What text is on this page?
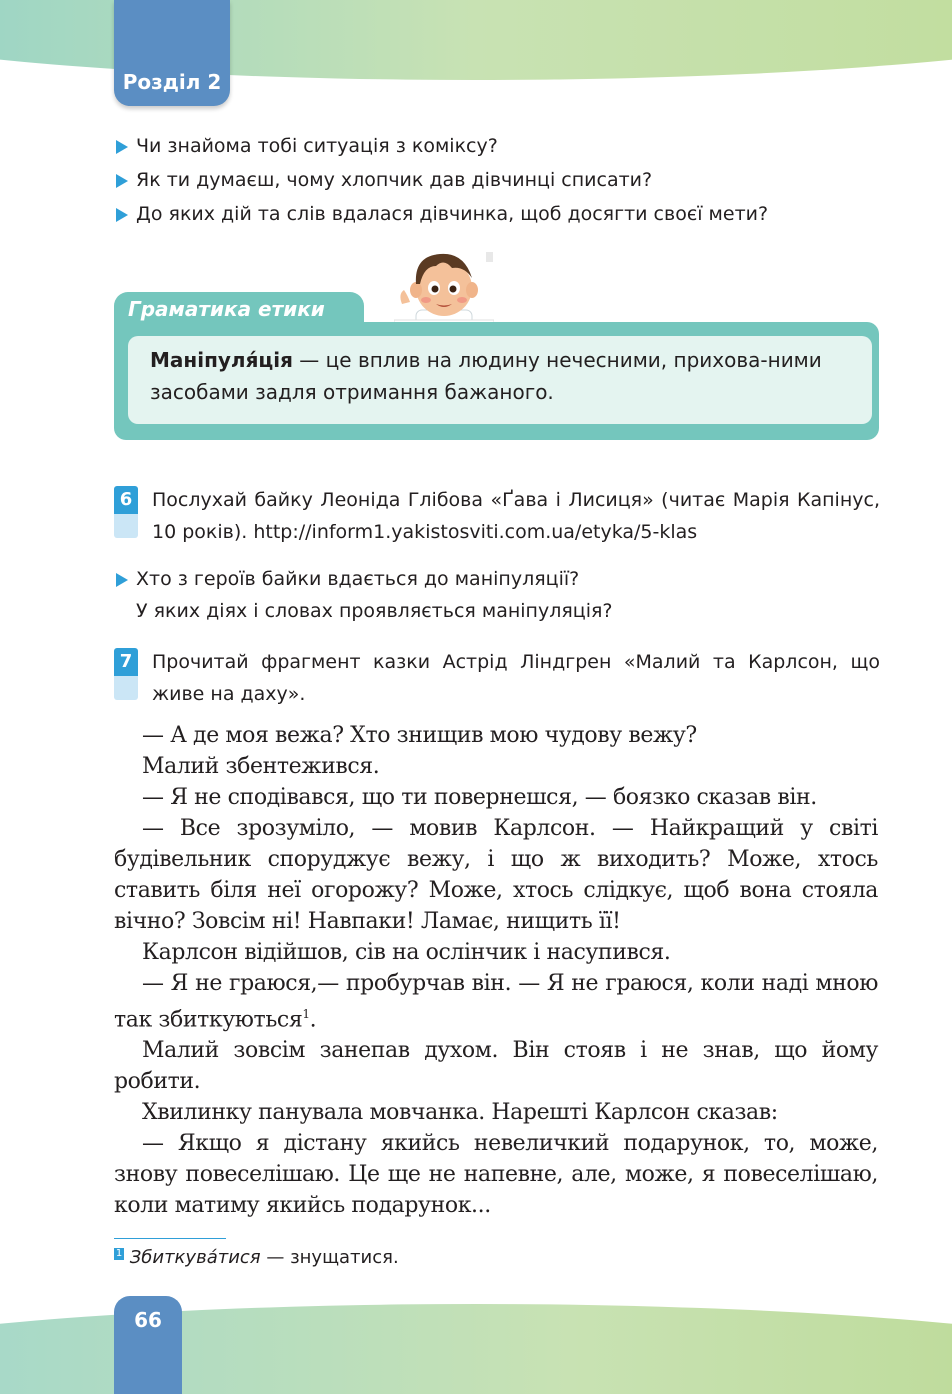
Розділ 2
Чи знайома тобі ситуація з коміксу?
Як ти думаєш, чому хлопчик дав дівчинці списати?
До яких дій та слів вдалася дівчинка, щоб досягти своєї мети?
Граматика етики
Маніпуля́ція — це вплив на людину нечесними, прихова-ними засобами задля отримання бажаного.
6	Послухай байку Леоніда Глібова «Ґава і Лисиця» (читає Марія Капінус, 10 років). http://inform1.yakistosviti.com.ua/etyka/5-klas
Хто з героїв байки вдається до маніпуляції?
У яких діях і словах проявляється маніпуляція?
7	Прочитай фрагмент казки Астрід Ліндгрен «Малий та Карлсон, що живе на даху».

— А де моя вежа? Хто знищив мою чудову вежу?

Малий збентежився.

— Я не сподівався, що ти повернешся, — боязко сказав він.

— Все зрозуміло, — мовив Карлсон. — Найкращий у світі будівельник споруджує вежу, і що ж виходить? Може, хтось ставить біля неї огорожу? Може, хтось слідкує, щоб вона стояла вічно? Зовсім ні! Навпаки! Ламає, нищить її!

Карлсон відійшов, сів на ослінчик і насупився.

— Я не граюся,— пробурчав він. — Я не граюся, коли наді мною так збиткуються$^1$.

Малий зовсім занепав духом. Він стояв і не знав, що йому робити.

Хвилинку панувала мовчанка. Нарешті Карлсон сказав:

— Якщо я дістану якийсь невеличкий подарунок, то, може, знову повеселішаю. Це ще не напевне, але, може, я повеселішаю, коли матиму якийсь подарунок...

1 Збиткува́тися — знущатися.
66
